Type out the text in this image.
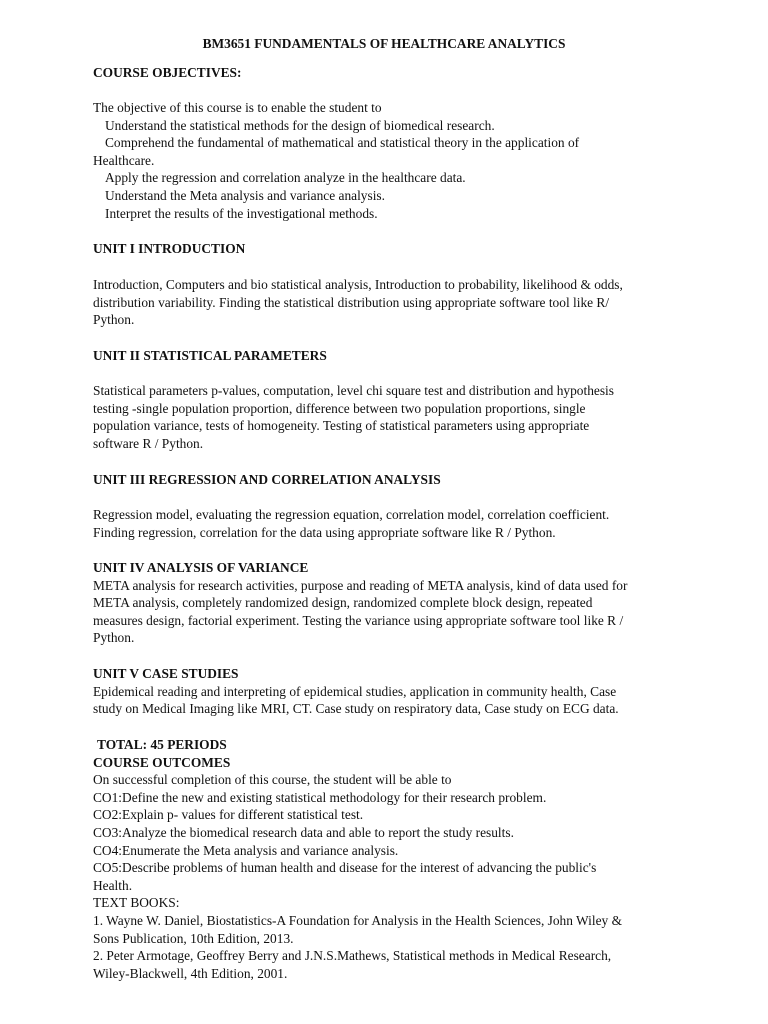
BM3651 FUNDAMENTALS OF HEALTHCARE ANALYTICS
COURSE OBJECTIVES:
The objective of this course is to enable the student to
Understand the statistical methods for the design of biomedical research.
Comprehend the fundamental of mathematical and statistical theory in the application of
Healthcare.
Apply the regression and correlation analyze in the healthcare data.
Understand the Meta analysis and variance analysis.
Interpret the results of the investigational methods.
UNIT I INTRODUCTION
Introduction, Computers and bio statistical analysis, Introduction to probability, likelihood & odds,
distribution variability. Finding the statistical distribution using appropriate software tool like R/
Python.
UNIT II STATISTICAL PARAMETERS
Statistical parameters p-values, computation, level chi square test and distribution and hypothesis
testing -single population proportion, difference between two population proportions, single
population variance, tests of homogeneity. Testing of statistical parameters using appropriate
software R / Python.
UNIT III REGRESSION AND CORRELATION ANALYSIS
Regression model, evaluating the regression equation, correlation model, correlation coefficient.
Finding regression, correlation for the data using appropriate software like R / Python.
UNIT IV ANALYSIS OF VARIANCE
META analysis for research activities, purpose and reading of META analysis, kind of data used for
META analysis, completely randomized design, randomized complete block design, repeated
measures design, factorial experiment. Testing the variance using appropriate software tool like R /
Python.
UNIT V CASE STUDIES
Epidemical reading and interpreting of epidemical studies, application in community health, Case
study on Medical Imaging like MRI, CT. Case study on respiratory data, Case study on ECG data.
TOTAL: 45 PERIODS
COURSE OUTCOMES
On successful completion of this course, the student will be able to
CO1:Define the new and existing statistical methodology for their research problem.
CO2:Explain p- values for different statistical test.
CO3:Analyze the biomedical research data and able to report the study results.
CO4:Enumerate the Meta analysis and variance analysis.
CO5:Describe problems of human health and disease for the interest of advancing the public's
Health.
TEXT BOOKS:
1. Wayne W. Daniel, Biostatistics-A Foundation for Analysis in the Health Sciences, John Wiley &
Sons Publication, 10th Edition, 2013.
2. Peter Armotage, Geoffrey Berry and J.N.S.Mathews, Statistical methods in Medical Research,
Wiley-Blackwell, 4th Edition, 2001.
